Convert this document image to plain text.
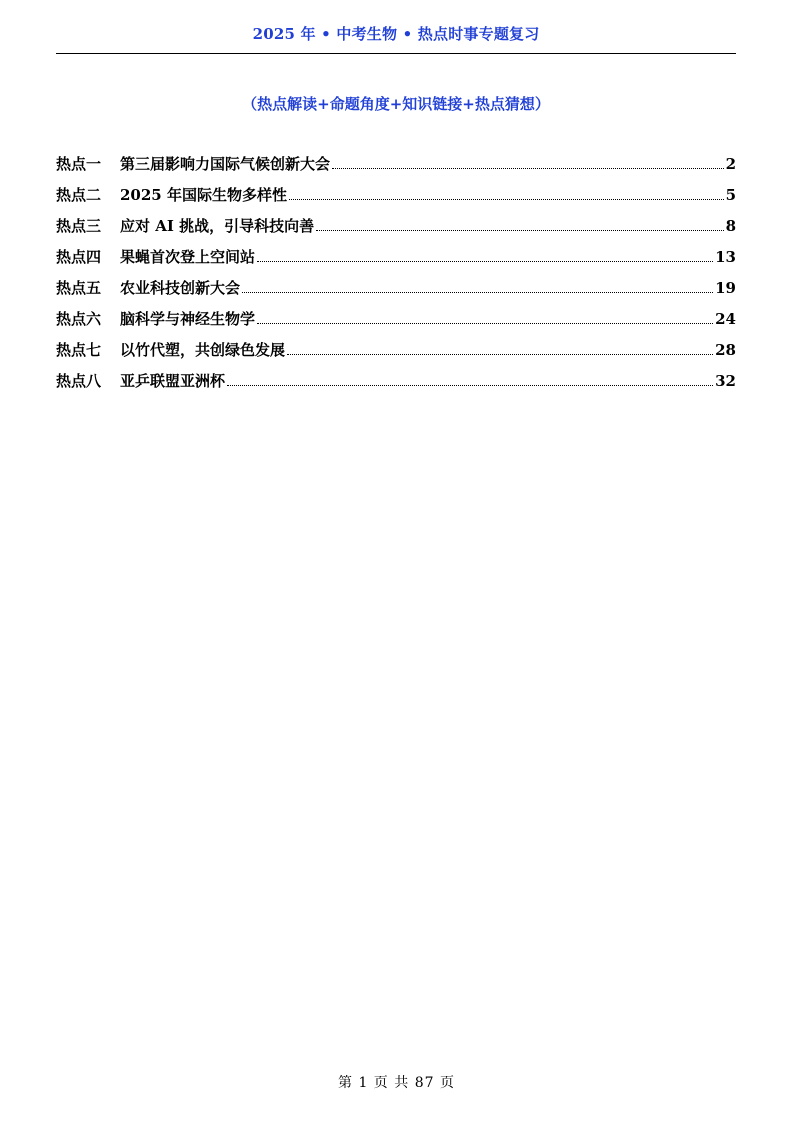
2025 年 • 中考生物 • 热点时事专题复习
（热点解读+命题角度+知识链接+热点猜想）
热点一	第三届影响力国际气候创新大会	2
热点二	2025 年国际生物多样性	5
热点三	应对 AI 挑战，引导科技向善	8
热点四	果蝇首次登上空间站	13
热点五	农业科技创新大会	19
热点六	脑科学与神经生物学	24
热点七	以竹代塑，共创绿色发展	28
热点八	亚乒联盟亚洲杯	32
第 1 页 共 87 页
